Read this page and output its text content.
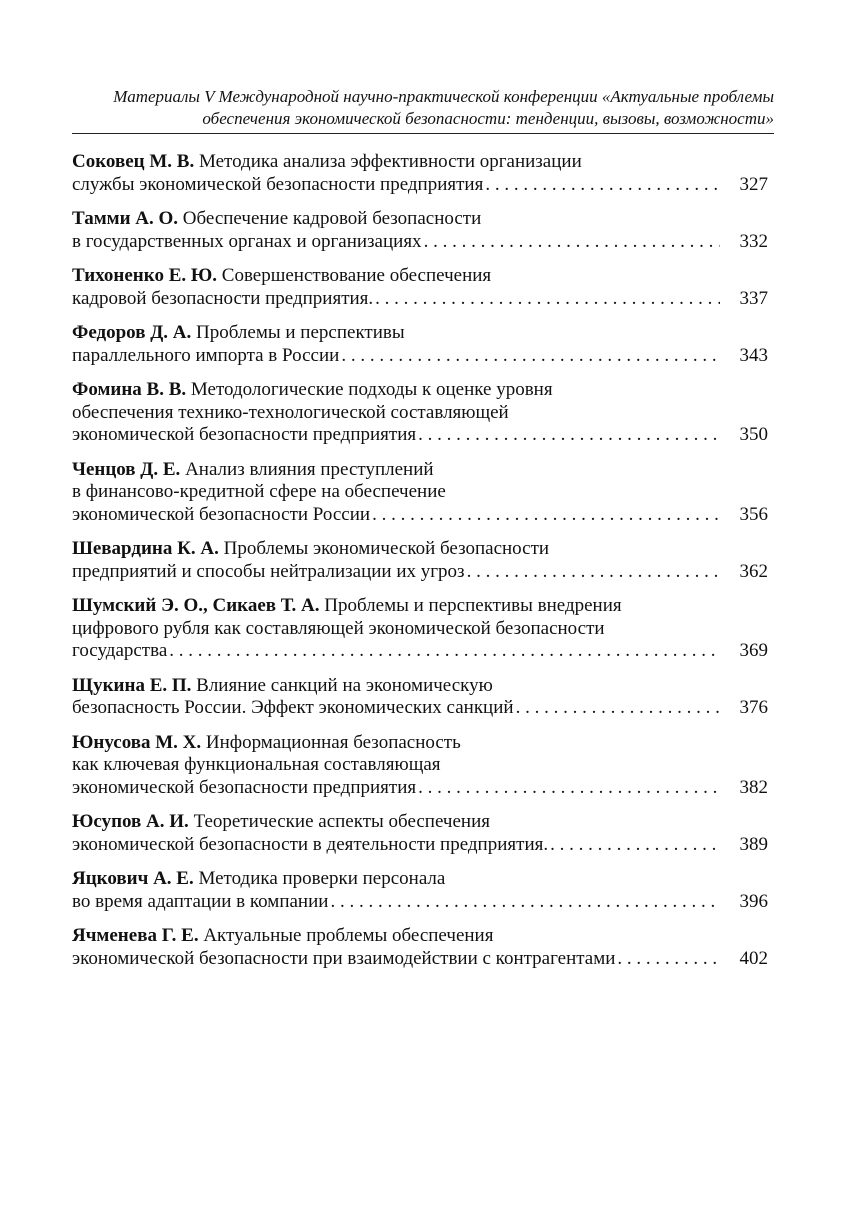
Материалы V Международной научно-практической конференции «Актуальные проблемы
обеспечения экономической безопасности: тенденции, вызовы, возможности»
Соковец М. В. Методика анализа эффективности организации
службы экономической безопасности предприятия . . .	327
Тамми А. О. Обеспечение кадровой безопасности
в государственных органах и организациях . . .	332
Тихоненко Е. Ю. Совершенствование обеспечения
кадровой безопасности предприятия. . . .	337
Федоров Д. А. Проблемы и перспективы
параллельного импорта в России . . .	343
Фомина В. В. Методологические подходы к оценке уровня
обеспечения технико-технологической составляющей
экономической безопасности предприятия . . .	350
Ченцов Д. Е. Анализ влияния преступлений
в финансово-кредитной сфере на обеспечение
экономической безопасности России . . .	356
Шевардина К. А. Проблемы экономической безопасности
предприятий и способы нейтрализации их угроз . . .	362
Шумский Э. О., Сикаев Т. А. Проблемы и перспективы внедрения
цифрового рубля как составляющей экономической безопасности
государства . . .	369
Щукина Е. П. Влияние санкций на экономическую
безопасность России. Эффект экономических санкций . . .	376
Юнусова М. Х. Информационная безопасность
как ключевая функциональная составляющая
экономической безопасности предприятия . . .	382
Юсупов А. И. Теоретические аспекты обеспечения
экономической безопасности в деятельности предприятия. . . .	389
Яцкович А. Е. Методика проверки персонала
во время адаптации в компании . . .	396
Ячменева Г. Е. Актуальные проблемы обеспечения
экономической безопасности при взаимодействии с контрагентами . . .	402
